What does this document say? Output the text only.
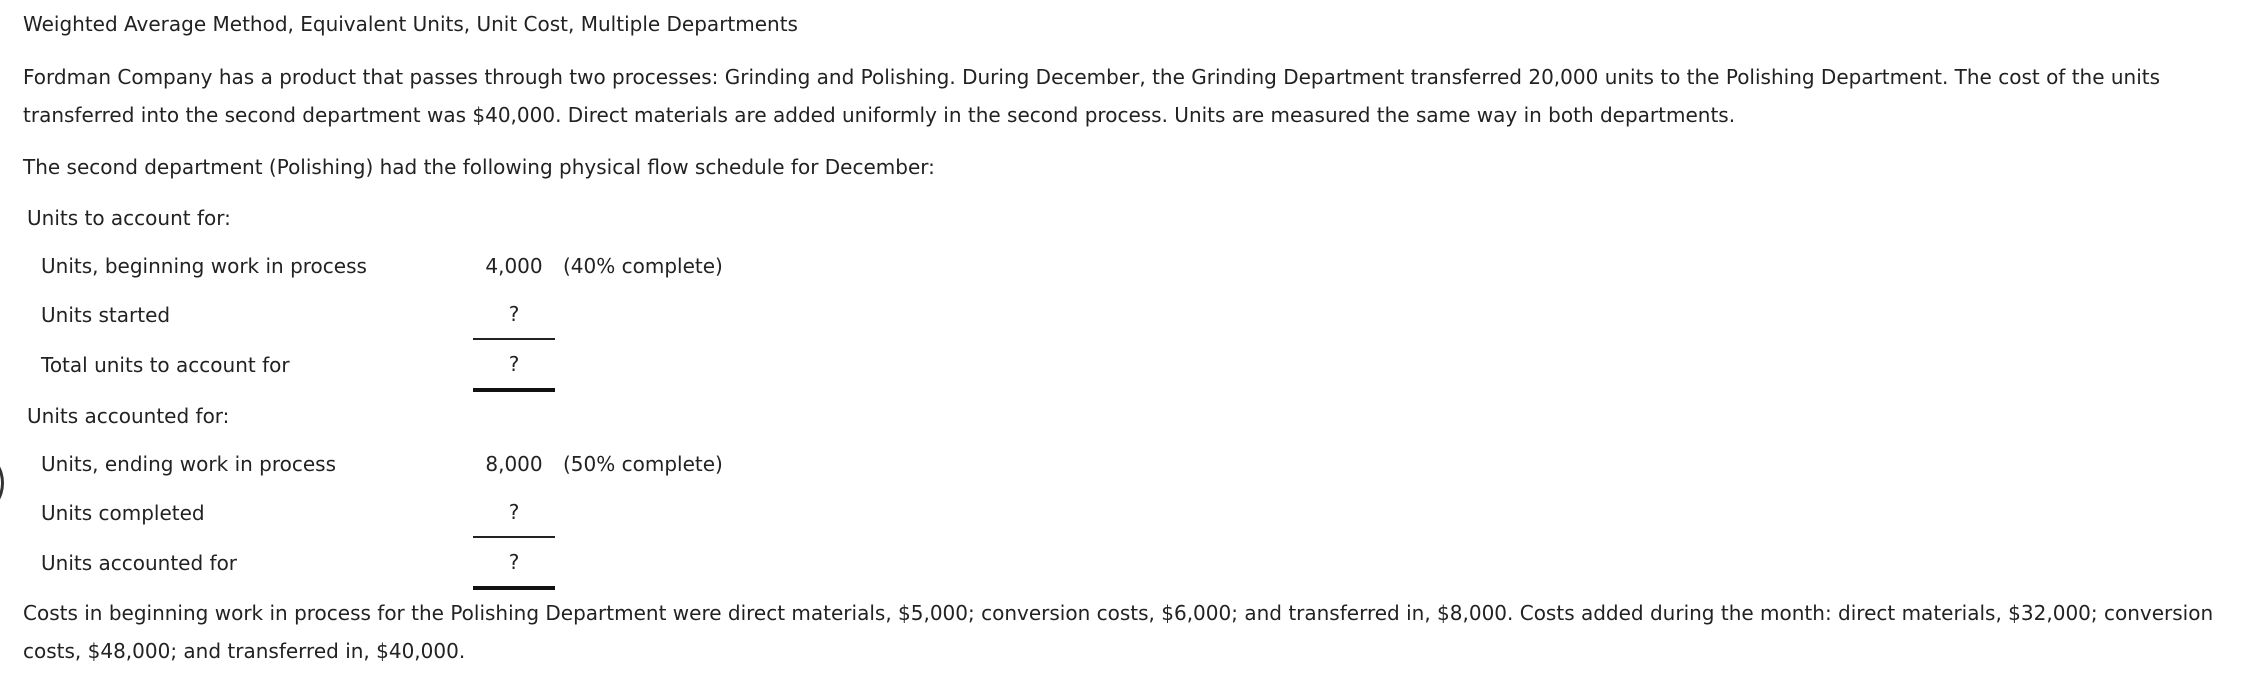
Weighted Average Method, Equivalent Units, Unit Cost, Multiple Departments

Fordman Company has a product that passes through two processes: Grinding and Polishing. During December, the Grinding Department transferred 20,000 units to the Polishing Department. The cost of the units transferred into the second department was $40,000. Direct materials are added uniformly in the second process. Units are measured the same way in both departments.

The second department (Polishing) had the following physical flow schedule for December:

Units to account for:		
Units, beginning work in process	4,000	(40% complete)
Units started	?	
Total units to account for	?	
Units accounted for:		
Units, ending work in process	8,000	(50% complete)
Units completed	?	
Units accounted for	?	

Costs in beginning work in process for the Polishing Department were direct materials, $5,000; conversion costs, $6,000; and transferred in, $8,000. Costs added during the month: direct materials, $32,000; conversion costs, $48,000; and transferred in, $40,000.
